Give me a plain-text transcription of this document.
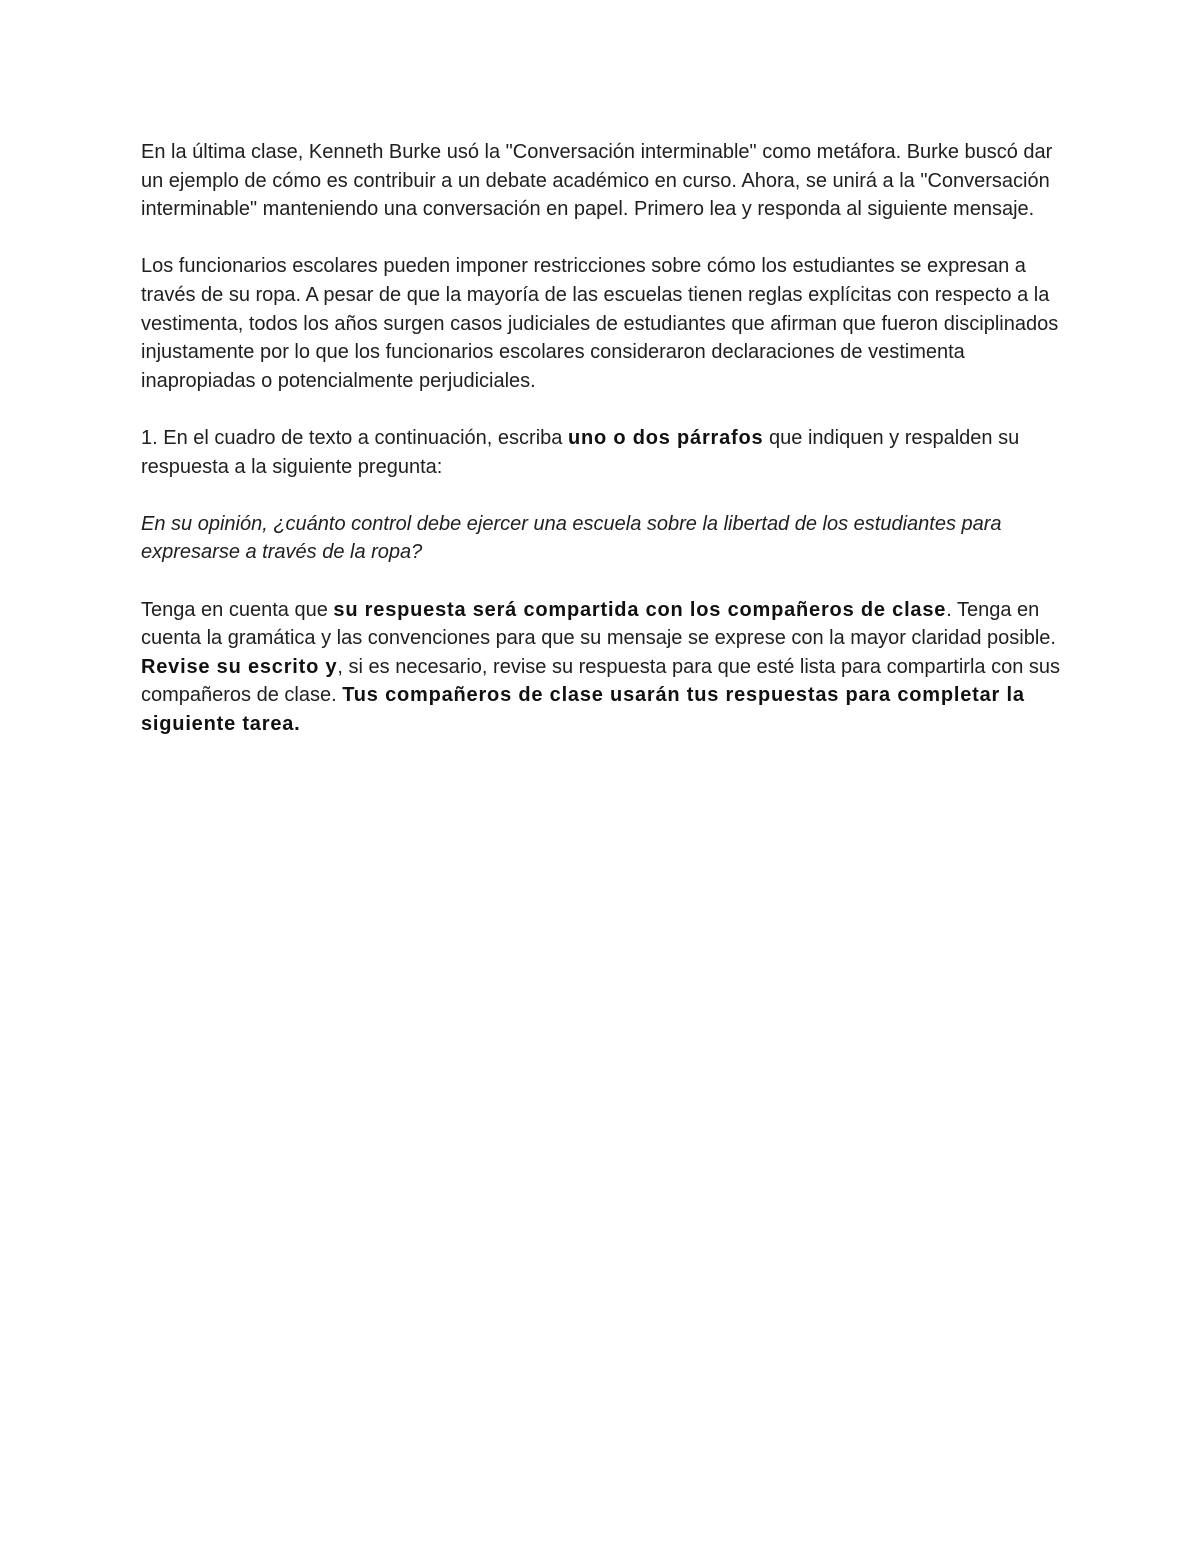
En la última clase, Kenneth Burke usó la "Conversación interminable" como metáfora. Burke buscó dar un ejemplo de cómo es contribuir a un debate académico en curso. Ahora, se unirá a la "Conversación interminable" manteniendo una conversación en papel. Primero lea y responda al siguiente mensaje.

Los funcionarios escolares pueden imponer restricciones sobre cómo los estudiantes se expresan a través de su ropa. A pesar de que la mayoría de las escuelas tienen reglas explícitas con respecto a la vestimenta, todos los años surgen casos judiciales de estudiantes que afirman que fueron disciplinados injustamente por lo que los funcionarios escolares consideraron declaraciones de vestimenta inapropiadas o potencialmente perjudiciales.

1. En el cuadro de texto a continuación, escriba uno o dos párrafos que indiquen y respalden su respuesta a la siguiente pregunta:

En su opinión, ¿cuánto control debe ejercer una escuela sobre la libertad de los estudiantes para expresarse a través de la ropa?

Tenga en cuenta que su respuesta será compartida con los compañeros de clase. Tenga en cuenta la gramática y las convenciones para que su mensaje se exprese con la mayor claridad posible. Revise su escrito y, si es necesario, revise su respuesta para que esté lista para compartirla con sus compañeros de clase. Tus compañeros de clase usarán tus respuestas para completar la siguiente tarea.
